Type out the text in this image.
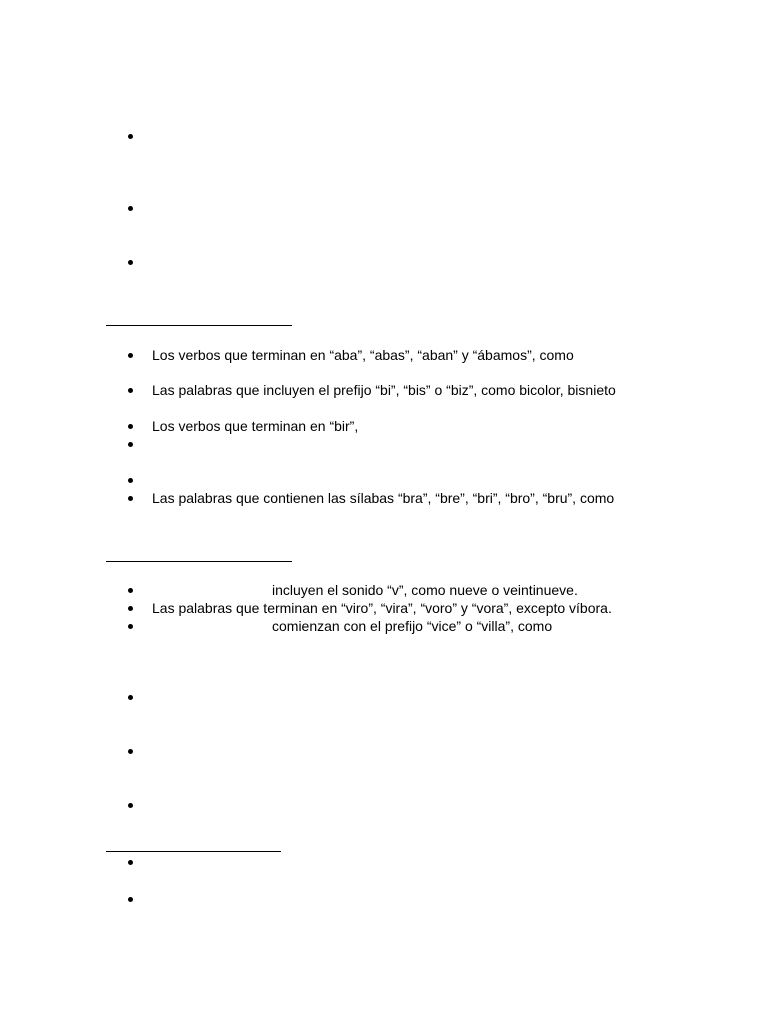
Los verbos que terminan en “aba”, “abas”, “aban” y “ábamos”, como
Las palabras que incluyen el prefijo “bi”, “bis” o “biz”, como bicolor, bisnieto
Los verbos que terminan en “bir”,
Las palabras que contienen las sílabas “bra”, “bre”, “bri”, “bro”, “bru”, como
incluyen el sonido “v”, como nueve o veintinueve.
Las palabras que terminan en “viro”, “vira”, “voro” y “vora”, excepto víbora.
comienzan con el prefijo “vice” o “villa”, como
